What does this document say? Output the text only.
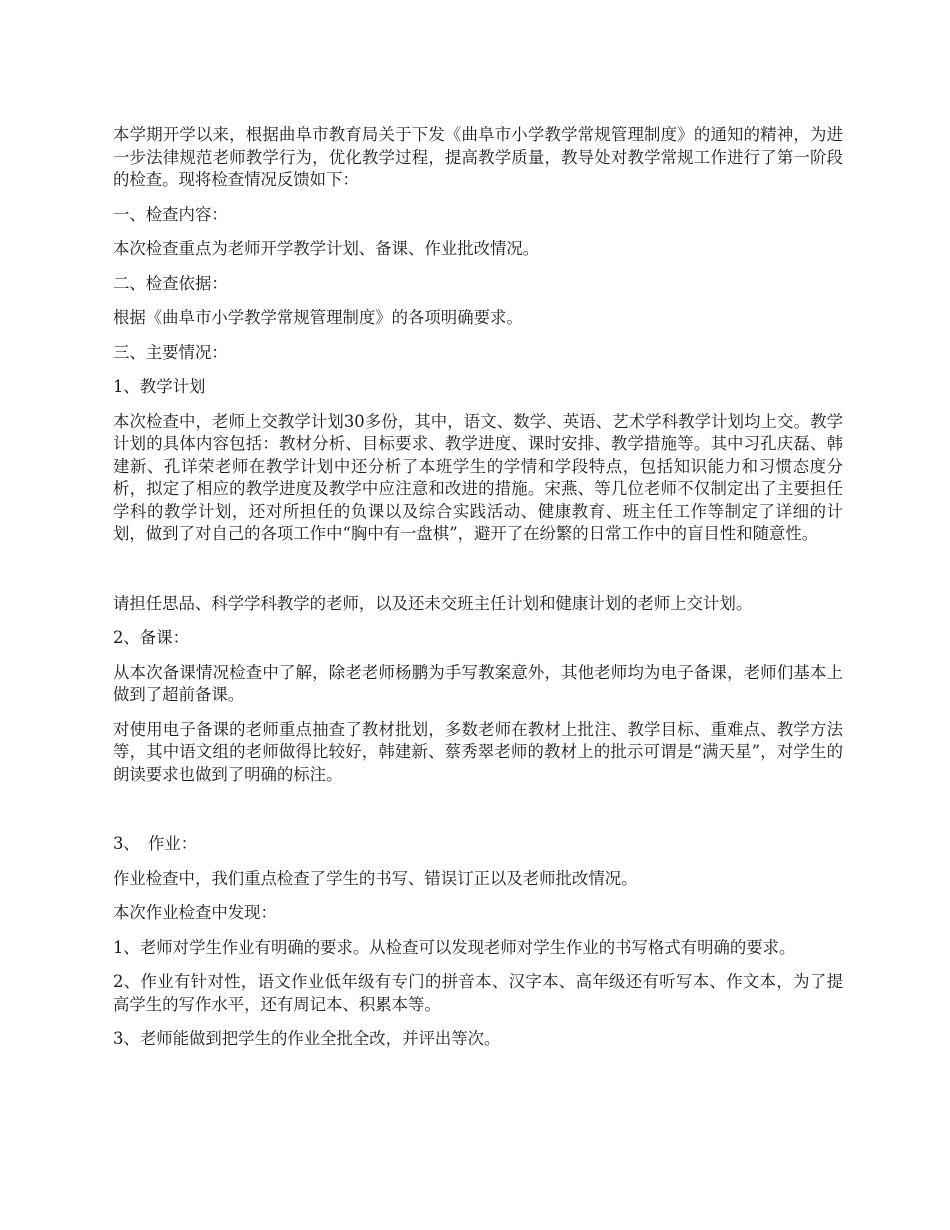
本学期开学以来，根据曲阜市教育局关于下发《曲阜市小学教学常规管理制度》的通知的精神，为进一步法律规范老师教学行为，优化教学过程，提高教学质量，教导处对教学常规工作进行了第一阶段的检查。现将检查情况反馈如下：

一、检查内容：

本次检查重点为老师开学教学计划、备课、作业批改情况。

二、检查依据：

根据《曲阜市小学教学常规管理制度》的各项明确要求。

三、主要情况：

1、教学计划

本次检查中，老师上交教学计划30多份，其中，语文、数学、英语、艺术学科教学计划均上交。教学计划的具体内容包括：教材分析、目标要求、教学进度、课时安排、教学措施等。其中习孔庆磊、韩建新、孔详荣老师在教学计划中还分析了本班学生的学情和学段特点，包括知识能力和习惯态度分析，拟定了相应的教学进度及教学中应注意和改进的措施。宋燕、等几位老师不仅制定出了主要担任学科的教学计划，还对所担任的负课以及综合实践活动、健康教育、班主任工作等制定了详细的计划，做到了对自己的各项工作中“胸中有一盘棋”，避开了在纷繁的日常工作中的盲目性和随意性。

请担任思品、科学学科教学的老师，以及还未交班主任计划和健康计划的老师上交计划。

2、备课：

从本次备课情况检查中了解，除老老师杨鹏为手写教案意外，其他老师均为电子备课，老师们基本上做到了超前备课。

对使用电子备课的老师重点抽查了教材批划，多数老师在教材上批注、教学目标、重难点、教学方法等，其中语文组的老师做得比较好，韩建新、蔡秀翠老师的教材上的批示可谓是“满天星”，对学生的朗读要求也做到了明确的标注。

3、　作业：

作业检查中，我们重点检查了学生的书写、错误订正以及老师批改情况。

本次作业检查中发现：

1、老师对学生作业有明确的要求。从检查可以发现老师对学生作业的书写格式有明确的要求。

2、作业有针对性，语文作业低年级有专门的拼音本、汉字本、高年级还有听写本、作文本，为了提高学生的写作水平，还有周记本、积累本等。

3、老师能做到把学生的作业全批全改，并评出等次。
